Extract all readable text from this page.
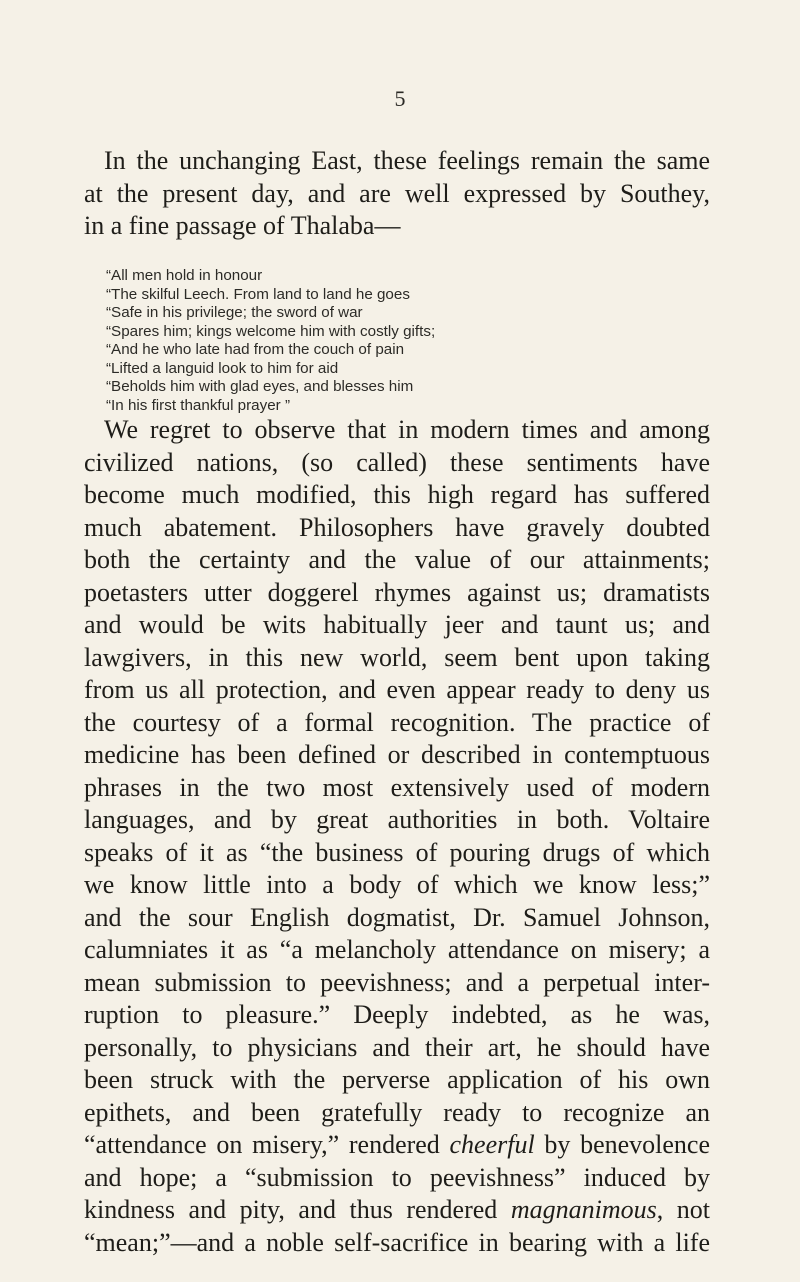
5

In the unchanging East, these feelings remain the same
at the present day, and are well expressed by Southey,
in a fine passage of Thalaba—

“All men hold in honour
“The skilful Leech. From land to land he goes
“Safe in his privilege; the sword of war
“Spares him; kings welcome him with costly gifts;
“And he who late had from the couch of pain
“Lifted a languid look to him for aid
“Beholds him with glad eyes, and blesses him
“In his first thankful prayer ”

We regret to observe that in modern times and among
civilized nations, (so called) these sentiments have
become much modified, this high regard has suffered
much abatement. Philosophers have gravely doubted
both the certainty and the value of our attainments;
poetasters utter doggerel rhymes against us; dramatists
and would be wits habitually jeer and taunt us; and
lawgivers, in this new world, seem bent upon taking
from us all protection, and even appear ready to deny us
the courtesy of a formal recognition. The practice of
medicine has been defined or described in contemptuous
phrases in the two most extensively used of modern
languages, and by great authorities in both. Voltaire
speaks of it as “the business of pouring drugs of which
we know little into a body of which we know less;”
and the sour English dogmatist, Dr. Samuel Johnson,
calumniates it as “a melancholy attendance on misery; a
mean submission to peevishness; and a perpetual inter-
ruption to pleasure.” Deeply indebted, as he was,
personally, to physicians and their art, he should have
been struck with the perverse application of his own
epithets, and been gratefully ready to recognize an
“attendance on misery,” rendered cheerful by benevolence
and hope; a “submission to peevishness” induced by
kindness and pity, and thus rendered magnanimous, not
“mean;”—and a noble self-sacrifice in bearing with a life
